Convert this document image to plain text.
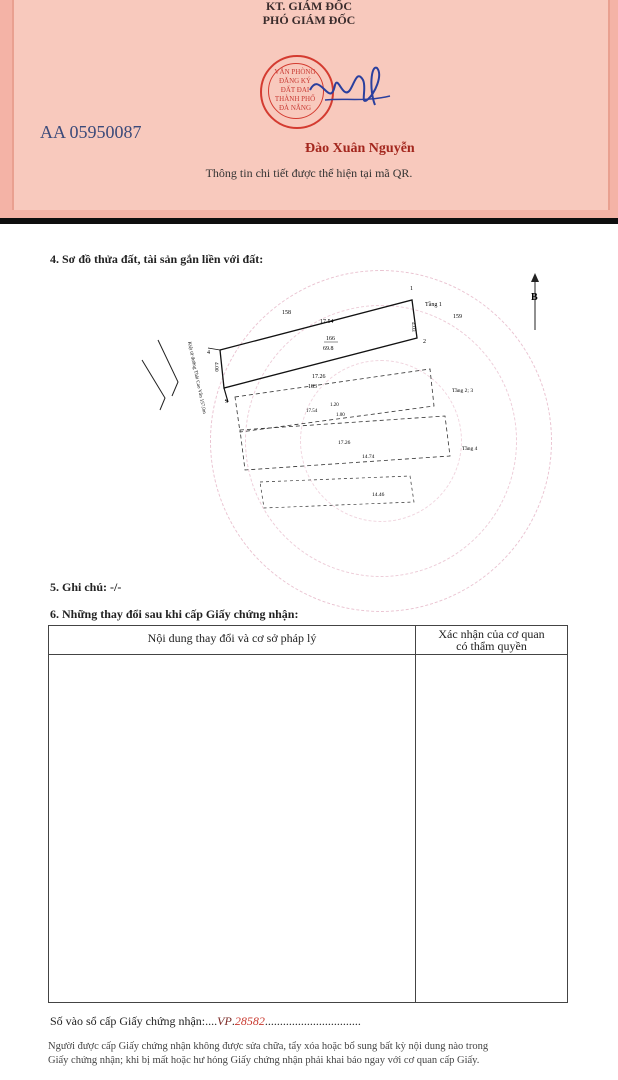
KT. GIÁM ĐỐC
PHÓ GIÁM ĐỐC
VĂN PHÒNG
ĐĂNG KÝ
ĐẤT ĐAI
THÀNH PHỐ
ĐÀ NẴNG
AA 05950087
Đào Xuân Nguyễn
Thông tin chi tiết được thể hiện tại mã QR.
4. Sơ đồ thửa đất, tài sản gắn liền với đất:
B
158
17.54
159
Tầng 1
1
2
3
4
4.03
4.00
166
69.8
17.26
183
Tầng 2; 3
Kiệt từ đường Thái Cao Vân 157,0m	17.54
1.20
1.00
17.26
14.74
Tầng 4
14.46
5. Ghi chú: -/-
6. Những thay đổi sau khi cấp Giấy chứng nhận:
Nội dung thay đổi và cơ sở pháp lý	Xác nhận của cơ quan
có thẩm quyền
Số vào sổ cấp Giấy chứng nhận:....VP.28582................................
Người được cấp Giấy chứng nhận không được sửa chữa, tẩy xóa hoặc bổ sung bất kỳ nội dung nào trong
Giấy chứng nhận; khi bị mất hoặc hư hỏng Giấy chứng nhận phải khai báo ngay với cơ quan cấp Giấy.
